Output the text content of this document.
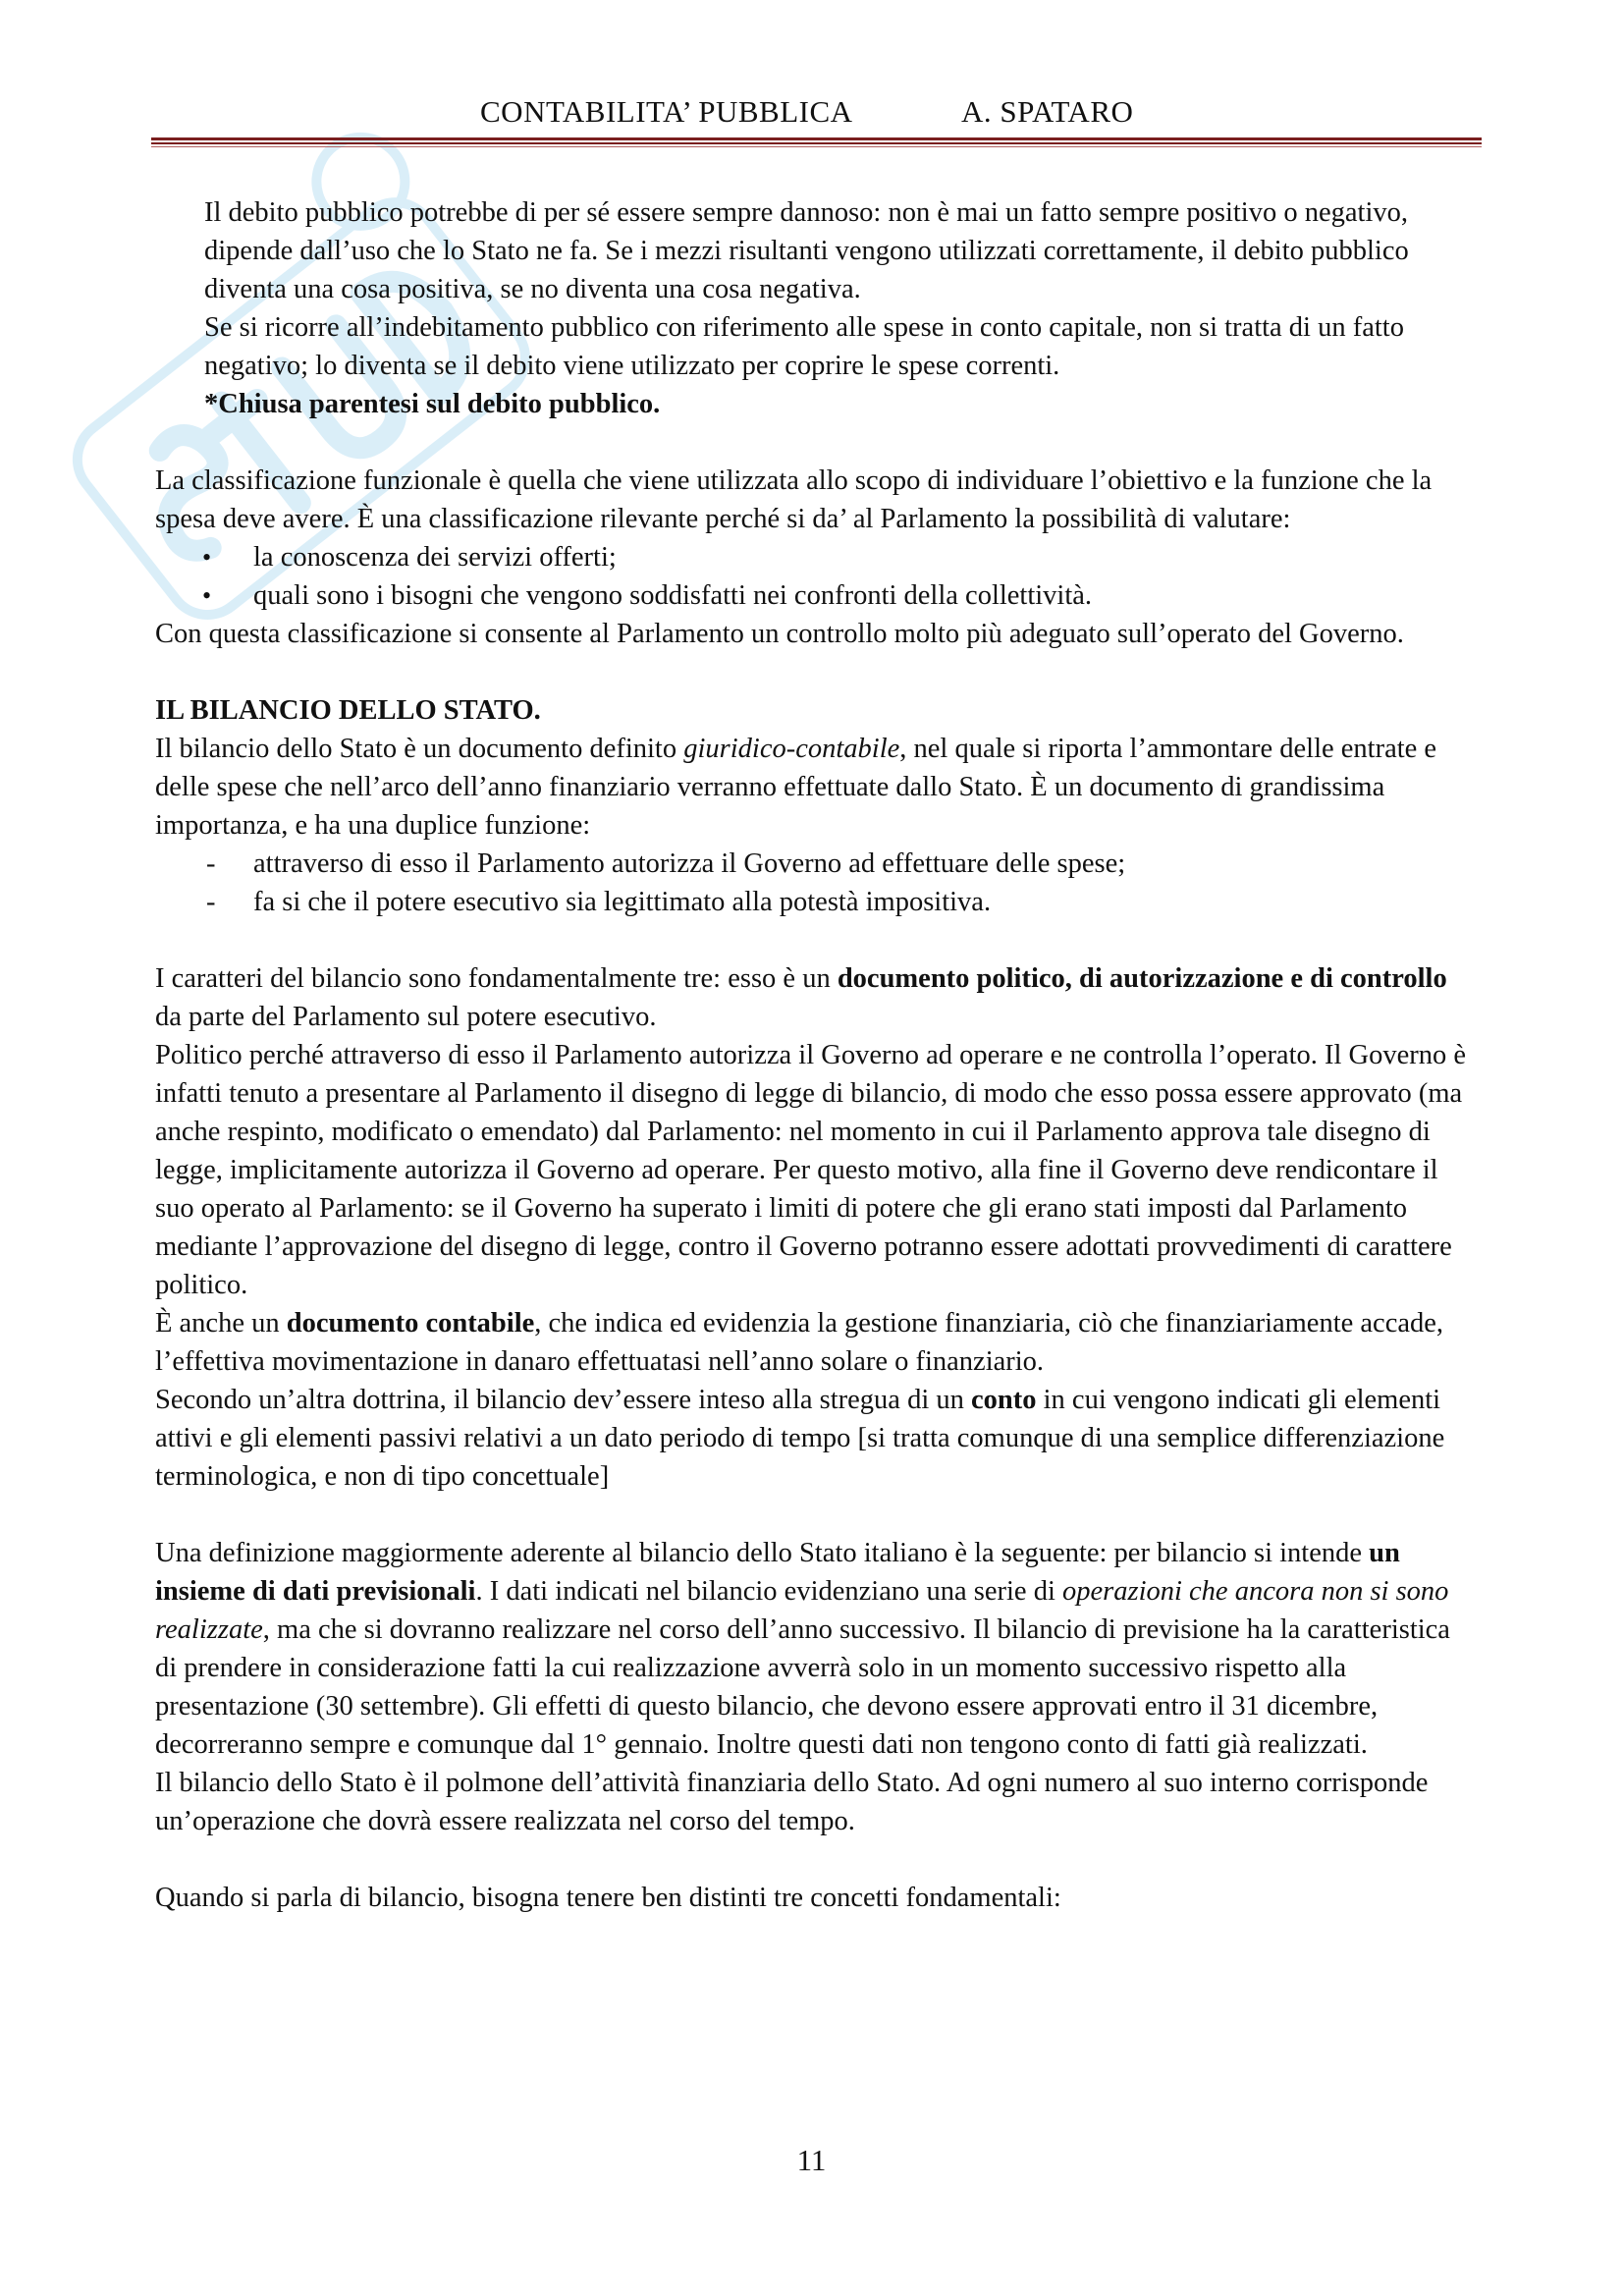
CONTABILITA’ PUBBLICA	A. SPATARO

Il debito pubblico potrebbe di per sé essere sempre dannoso: non è mai un fatto sempre positivo o negativo, dipende dall’uso che lo Stato ne fa. Se i mezzi risultanti vengono utilizzati correttamente, il debito pubblico diventa una cosa positiva, se no diventa una cosa negativa.

Se si ricorre all’indebitamento pubblico con riferimento alle spese in conto capitale, non si tratta di un fatto negativo; lo diventa se il debito viene utilizzato per coprire le spese correnti.

*Chiusa parentesi sul debito pubblico.

La classificazione funzionale è quella che viene utilizzata allo scopo di individuare l’obiettivo e la funzione che la spesa deve avere. È una classificazione rilevante perché si da’ al Parlamento la possibilità di valutare:

• la conoscenza dei servizi offerti;
• quali sono i bisogni che vengono soddisfatti nei confronti della collettività.

Con questa classificazione si consente al Parlamento un controllo molto più adeguato sull’operato del Governo.

IL BILANCIO DELLO STATO.

Il bilancio dello Stato è un documento definito giuridico-contabile, nel quale si riporta l’ammontare delle entrate e delle spese che nell’arco dell’anno finanziario verranno effettuate dallo Stato. È un documento di grandissima importanza, e ha una duplice funzione:

- attraverso di esso il Parlamento autorizza il Governo ad effettuare delle spese;
- fa si che il potere esecutivo sia legittimato alla potestà impositiva.

I caratteri del bilancio sono fondamentalmente tre: esso è un documento politico, di autorizzazione e di controllo da parte del Parlamento sul potere esecutivo.

Politico perché attraverso di esso il Parlamento autorizza il Governo ad operare e ne controlla l’operato. Il Governo è infatti tenuto a presentare al Parlamento il disegno di legge di bilancio, di modo che esso possa essere approvato (ma anche respinto, modificato o emendato) dal Parlamento: nel momento in cui il Parlamento approva tale disegno di legge, implicitamente autorizza il Governo ad operare. Per questo motivo, alla fine il Governo deve rendicontare il suo operato al Parlamento: se il Governo ha superato i limiti di potere che gli erano stati imposti dal Parlamento mediante l’approvazione del disegno di legge, contro il Governo potranno essere adottati provvedimenti di carattere politico.

È anche un documento contabile, che indica ed evidenzia la gestione finanziaria, ciò che finanziariamente accade, l’effettiva movimentazione in danaro effettuatasi nell’anno solare o finanziario.

Secondo un’altra dottrina, il bilancio dev’essere inteso alla stregua di un conto in cui vengono indicati gli elementi attivi e gli elementi passivi relativi a un dato periodo di tempo [si tratta comunque di una semplice differenziazione terminologica, e non di tipo concettuale]

Una definizione maggiormente aderente al bilancio dello Stato italiano è la seguente: per bilancio si intende un insieme di dati previsionali. I dati indicati nel bilancio evidenziano una serie di operazioni che ancora non si sono realizzate, ma che si dovranno realizzare nel corso dell’anno successivo. Il bilancio di previsione ha la caratteristica di prendere in considerazione fatti la cui realizzazione avverrà solo in un momento successivo rispetto alla presentazione (30 settembre). Gli effetti di questo bilancio, che devono essere approvati entro il 31 dicembre, decorreranno sempre e comunque dal 1° gennaio. Inoltre questi dati non tengono conto di fatti già realizzati.

Il bilancio dello Stato è il polmone dell’attività finanziaria dello Stato. Ad ogni numero al suo interno corrisponde un’operazione che dovrà essere realizzata nel corso del tempo.

Quando si parla di bilancio, bisogna tenere ben distinti tre concetti fondamentali:

11
